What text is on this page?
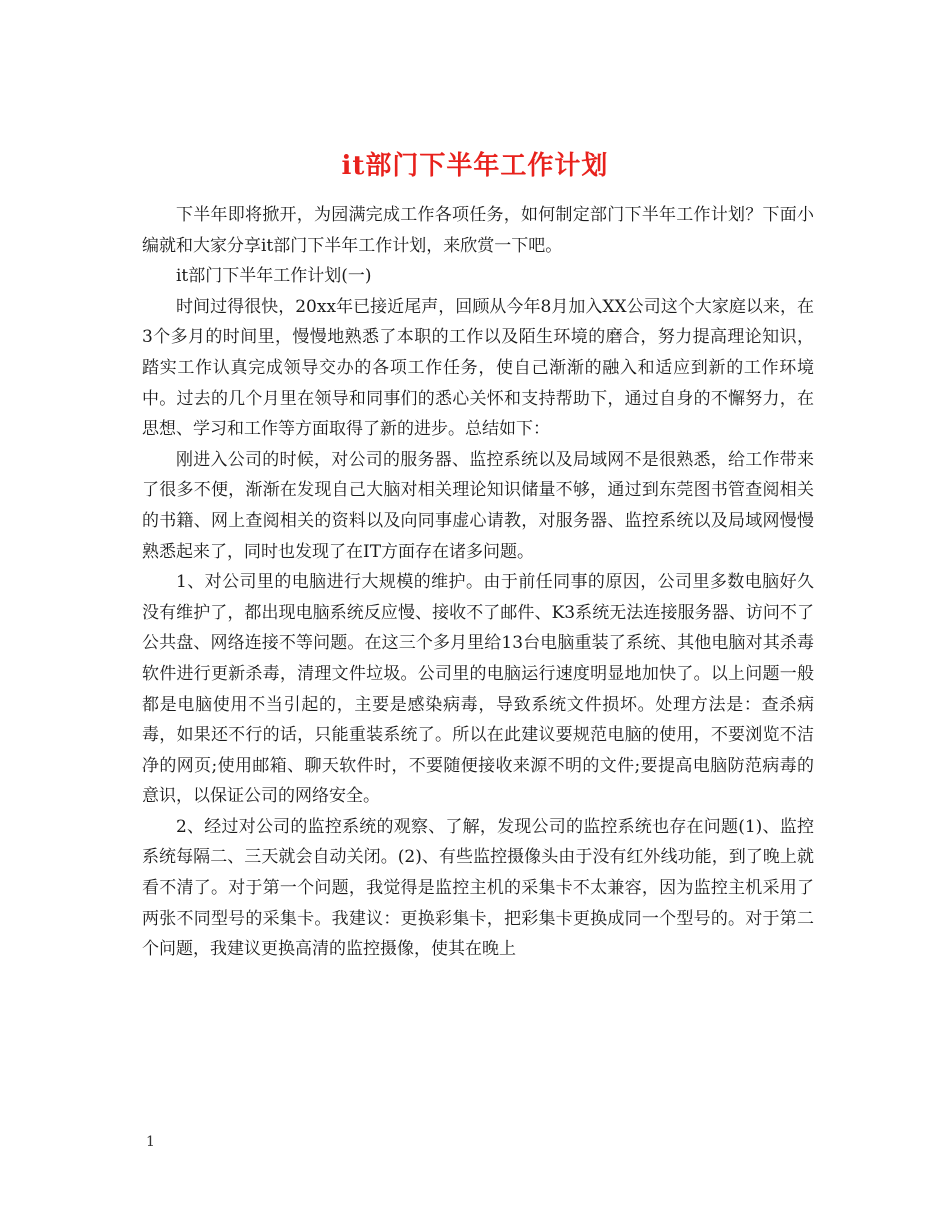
it部门下半年工作计划

下半年即将掀开，为园满完成工作各项任务，如何制定部门下半年工作计划？下面小编就和大家分享it部门下半年工作计划，来欣赏一下吧。

it部门下半年工作计划(一)

时间过得很快，20xx年已接近尾声，回顾从今年8月加入XX公司这个大家庭以来，在3个多月的时间里，慢慢地熟悉了本职的工作以及陌生环境的磨合，努力提高理论知识，踏实工作认真完成领导交办的各项工作任务，使自己渐渐的融入和适应到新的工作环境中。过去的几个月里在领导和同事们的悉心关怀和支持帮助下，通过自身的不懈努力，在思想、学习和工作等方面取得了新的进步。总结如下：

刚进入公司的时候，对公司的服务器、监控系统以及局域网不是很熟悉，给工作带来了很多不便，渐渐在发现自己大脑对相关理论知识储量不够，通过到东莞图书管查阅相关的书籍、网上查阅相关的资料以及向同事虚心请教，对服务器、监控系统以及局域网慢慢熟悉起来了，同时也发现了在IT方面存在诸多问题。

1、对公司里的电脑进行大规模的维护。由于前任同事的原因，公司里多数电脑好久没有维护了，都出现电脑系统反应慢、接收不了邮件、K3系统无法连接服务器、访问不了公共盘、网络连接不等问题。在这三个多月里给13台电脑重装了系统、其他电脑对其杀毒软件进行更新杀毒，清理文件垃圾。公司里的电脑运行速度明显地加快了。以上问题一般都是电脑使用不当引起的，主要是感染病毒，导致系统文件损坏。处理方法是：查杀病毒，如果还不行的话，只能重装系统了。所以在此建议要规范电脑的使用，不要浏览不洁净的网页;使用邮箱、聊天软件时，不要随便接收来源不明的文件;要提高电脑防范病毒的意识，以保证公司的网络安全。

2、经过对公司的监控系统的观察、了解，发现公司的监控系统也存在问题(1)、监控系统每隔二、三天就会自动关闭。(2)、有些监控摄像头由于没有红外线功能，到了晚上就看不清了。对于第一个问题，我觉得是监控主机的采集卡不太兼容，因为监控主机采用了两张不同型号的采集卡。我建议：更换彩集卡，把彩集卡更换成同一个型号的。对于第二个问题，我建议更换高清的监控摄像，使其在晚上

1
